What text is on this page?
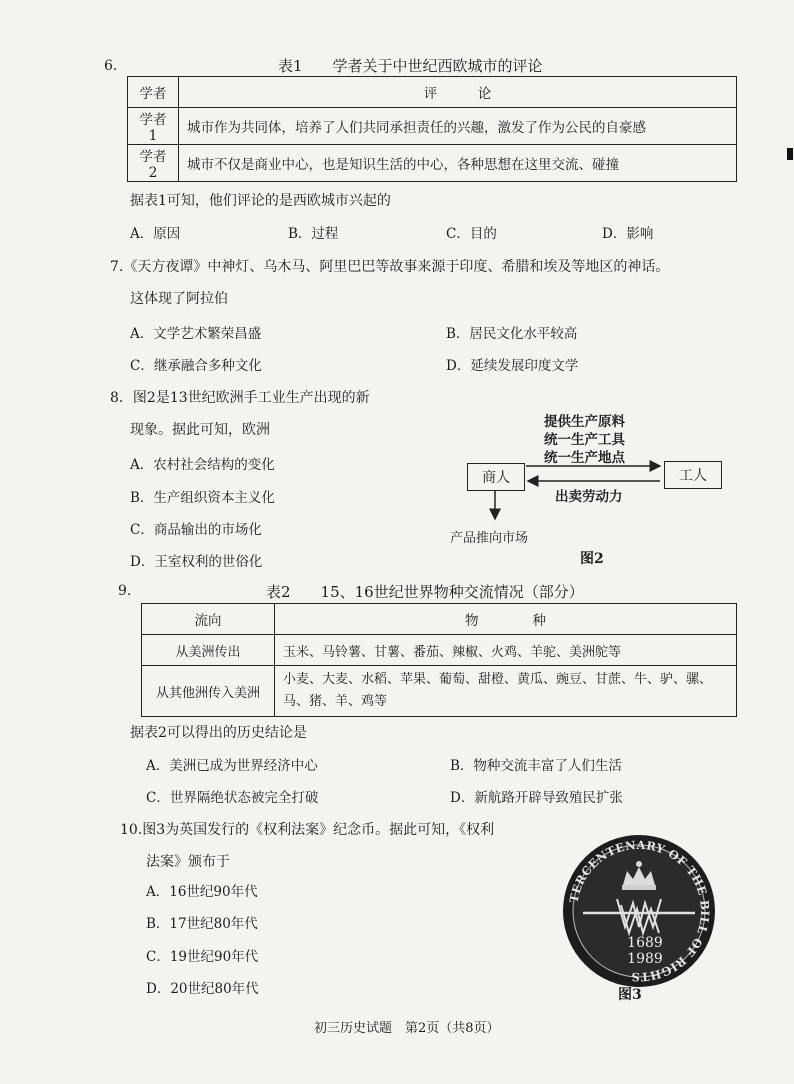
6.	表1　　学者关于中世纪西欧城市的评论
学者	评　　　论
学者1	城市作为共同体，培养了人们共同承担责任的兴趣，激发了作为公民的自豪感
学者2	城市不仅是商业中心，也是知识生活的中心，各种思想在这里交流、碰撞
据表1可知，他们评论的是西欧城市兴起的
A．原因	B．过程	C．目的	D．影响
7.《天方夜谭》中神灯、乌木马、阿里巴巴等故事来源于印度、希腊和埃及等地区的神话。
这体现了阿拉伯
A．文学艺术繁荣昌盛	B．居民文化水平较高
C．继承融合多种文化	D．延续发展印度文学
8．图2是13世纪欧洲手工业生产出现的新
现象。据此可知，欧洲
A．农村社会结构的变化
B．生产组织资本主义化
C．商品输出的市场化
D．王室权利的世俗化
提供生产原料
统一生产工具
统一生产地点
商人	工人
出卖劳动力
产品推向市场
图2
9.	表2　　15、16世纪世界物种交流情况（部分）
流向	物　　　　种
从美洲传出	玉米、马铃薯、甘薯、番茄、辣椒、火鸡、羊驼、美洲鸵等
从其他洲传入美洲	小麦、大麦、水稻、苹果、葡萄、甜橙、黄瓜、豌豆、甘蔗、牛、驴、骡、马、猪、羊、鸡等
据表2可以得出的历史结论是
A．美洲已成为世界经济中心	B．物种交流丰富了人们生活
C．世界隔绝状态被完全打破	D．新航路开辟导致殖民扩张
10.图3为英国发行的《权利法案》纪念币。据此可知，《权利
法案》颁布于
A．16世纪90年代
B．17世纪80年代
C．19世纪90年代
D．20世纪80年代
TERCENTENARY OF THE BILL OF RIGHTS
1689
1989
图3
初三历史试题　第2页（共8页）
